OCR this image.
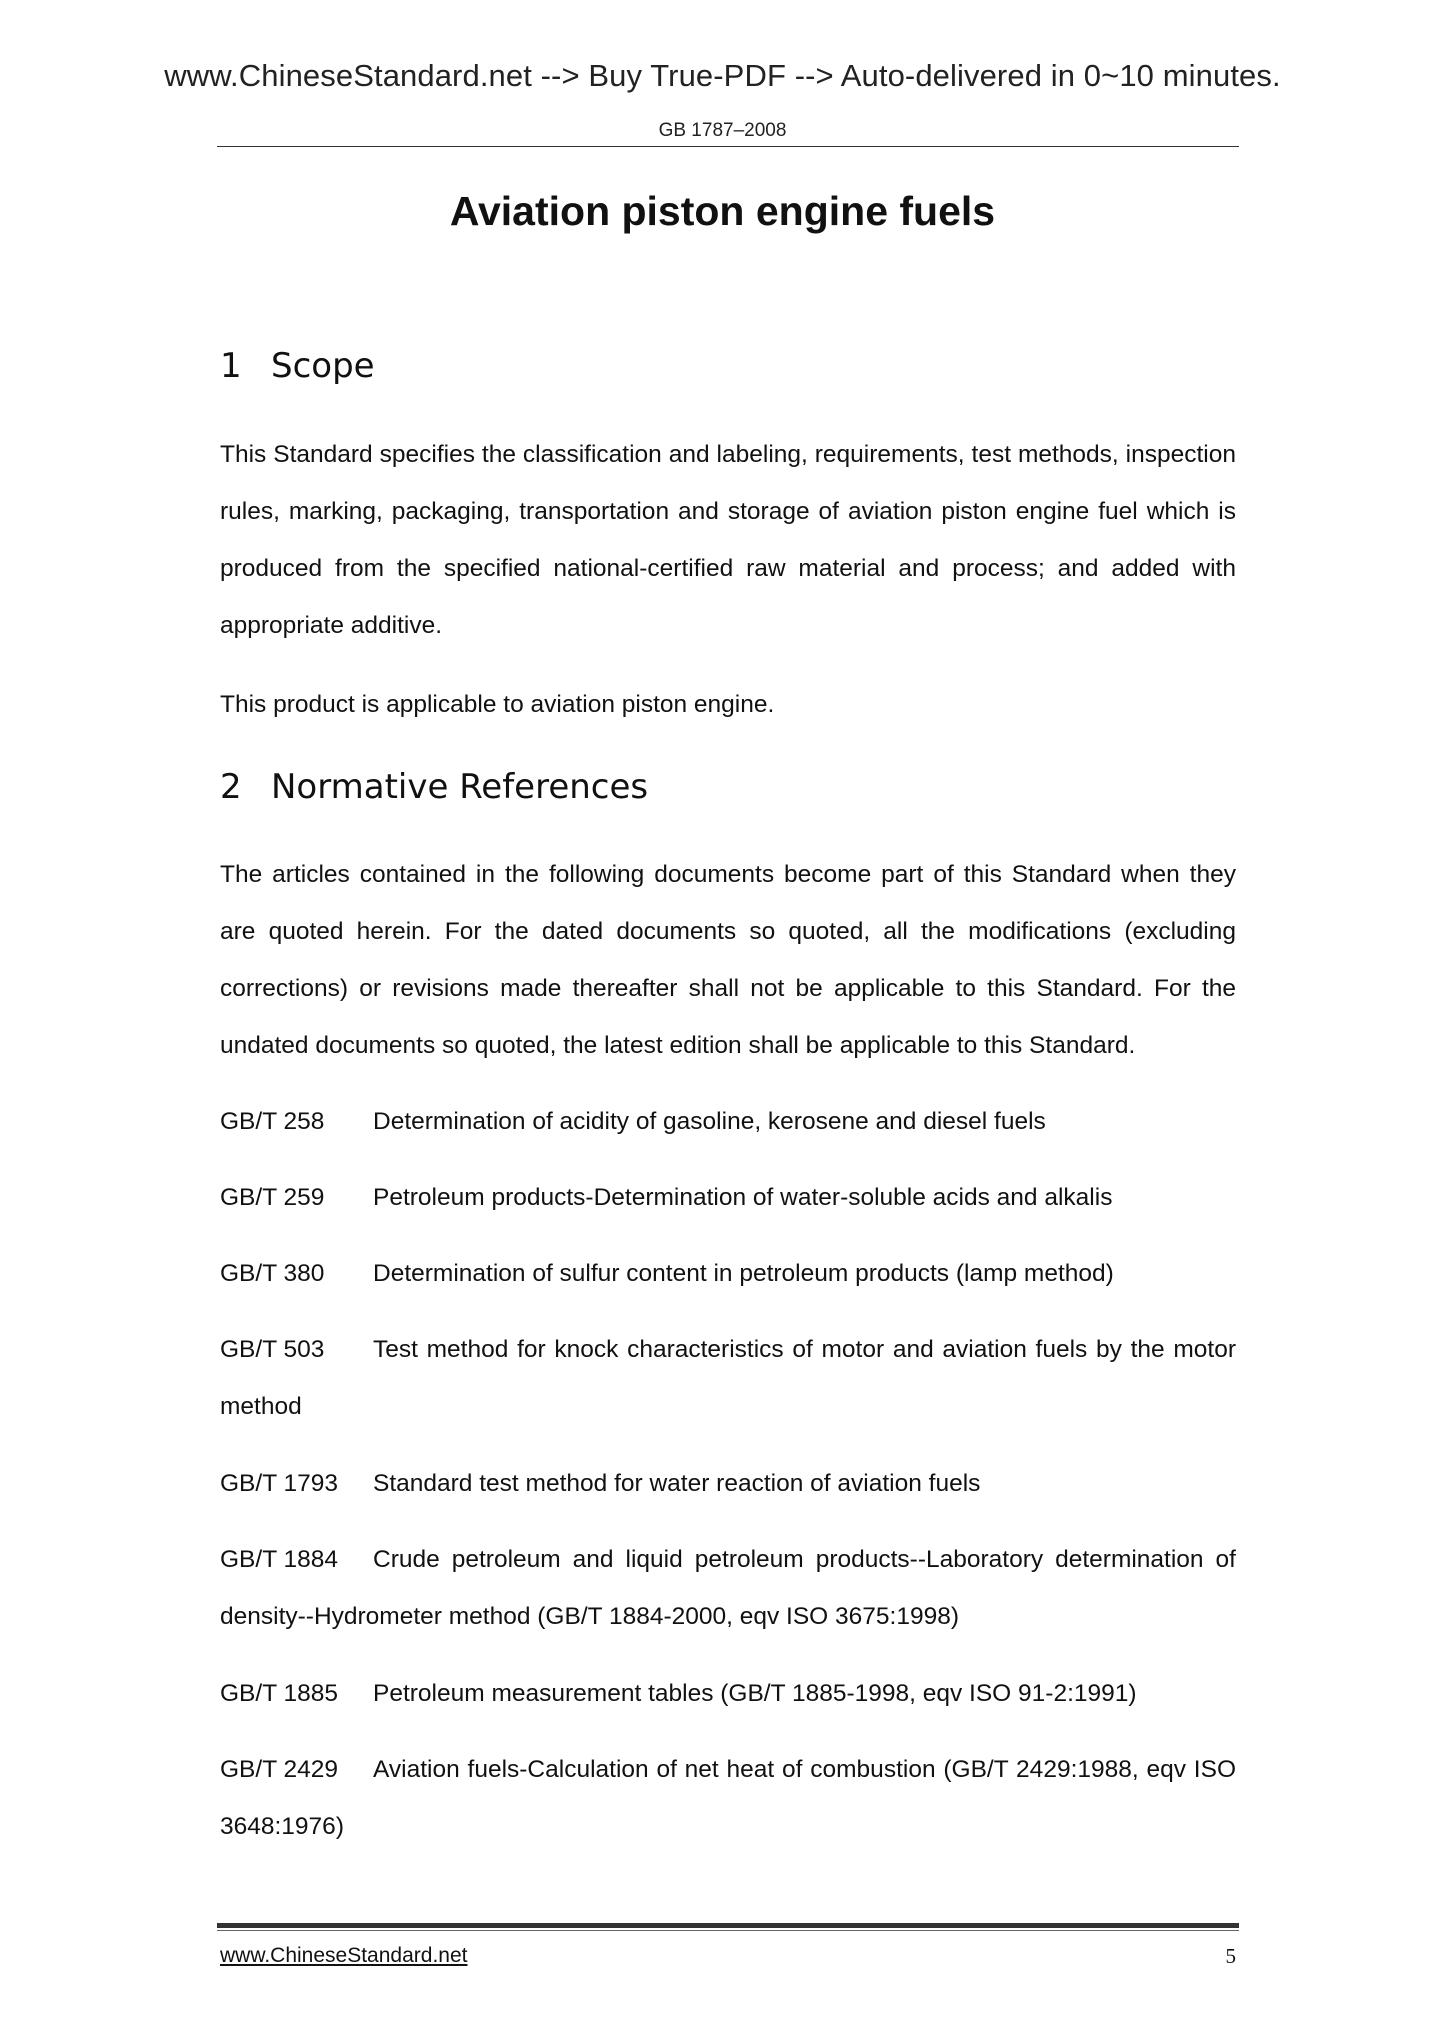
www.ChineseStandard.net --> Buy True-PDF --> Auto-delivered in 0~10 minutes.
GB 1787–2008
Aviation piston engine fuels
1 Scope

This Standard specifies the classification and labeling, requirements, test methods, inspection rules, marking, packaging, transportation and storage of aviation piston engine fuel which is produced from the specified national-certified raw material and process; and added with appropriate additive.

This product is applicable to aviation piston engine.

2 Normative References

The articles contained in the following documents become part of this Standard when they are quoted herein. For the dated documents so quoted, all the modifications (excluding corrections) or revisions made thereafter shall not be applicable to this Standard. For the undated documents so quoted, the latest edition shall be applicable to this Standard.

GB/T 258 Determination of acidity of gasoline, kerosene and diesel fuels

GB/T 259 Petroleum products-Determination of water-soluble acids and alkalis

GB/T 380 Determination of sulfur content in petroleum products (lamp method)

GB/T 503 Test method for knock characteristics of motor and aviation fuels by the motor method

GB/T 1793 Standard test method for water reaction of aviation fuels

GB/T 1884 Crude petroleum and liquid petroleum products--Laboratory determination of density--Hydrometer method (GB/T 1884-2000, eqv ISO 3675:1998)

GB/T 1885 Petroleum measurement tables (GB/T 1885-1998, eqv ISO 91-2:1991)

GB/T 2429 Aviation fuels-Calculation of net heat of combustion (GB/T 2429:1988, eqv ISO 3648:1976)

www.ChineseStandard.net	5
